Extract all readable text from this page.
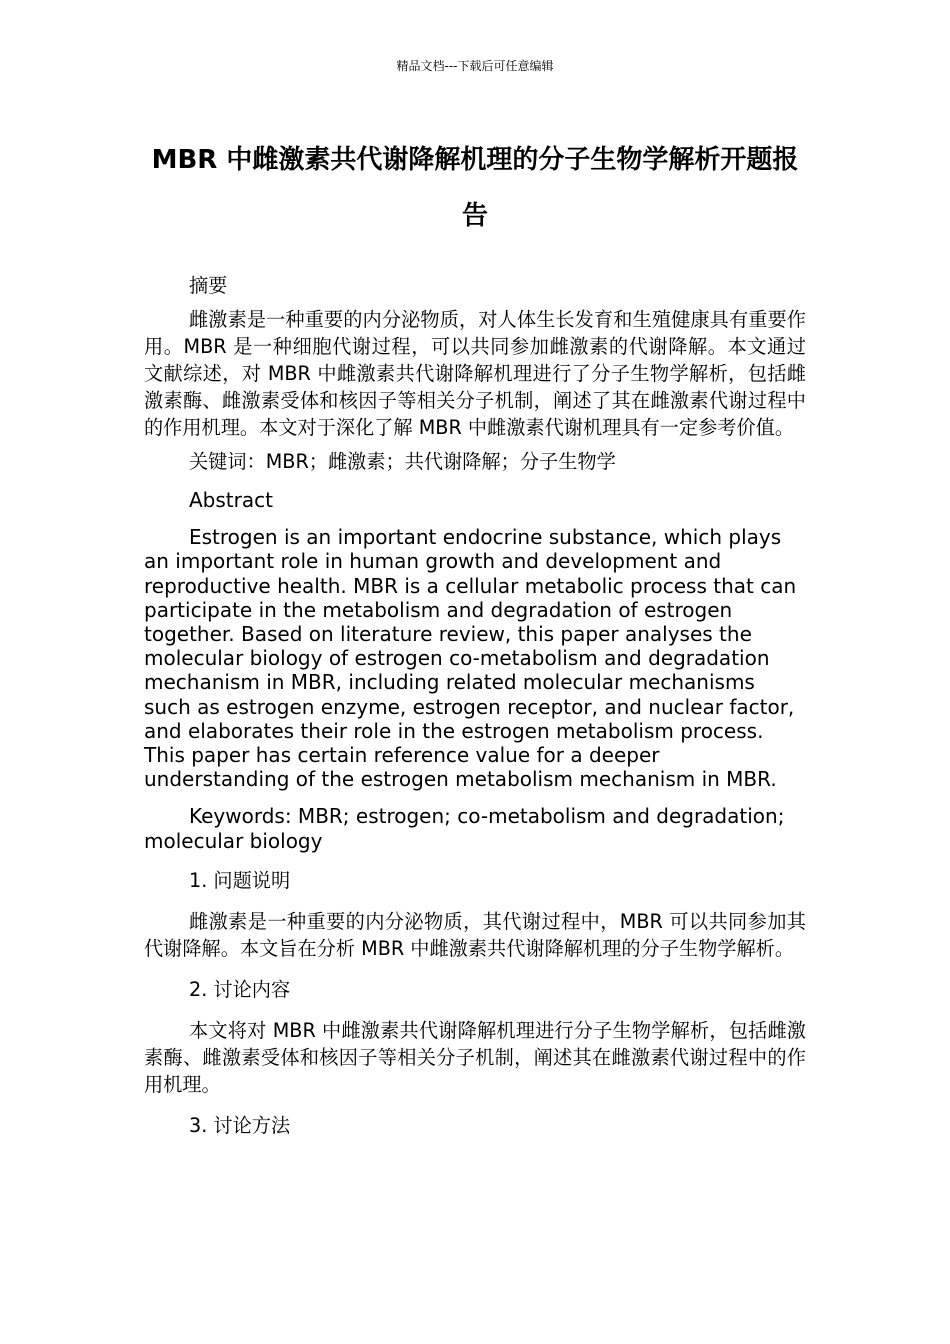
精品文档---下载后可任意编辑
MBR 中雌激素共代谢降解机理的分子生物学解析开题报告

摘要

雌激素是一种重要的内分泌物质，对人体生长发育和生殖健康具有重要作用。MBR 是一种细胞代谢过程，可以共同参加雌激素的代谢降解。本文通过文献综述，对 MBR 中雌激素共代谢降解机理进行了分子生物学解析，包括雌激素酶、雌激素受体和核因子等相关分子机制，阐述了其在雌激素代谢过程中的作用机理。本文对于深化了解 MBR 中雌激素代谢机理具有一定参考价值。

关键词：MBR；雌激素；共代谢降解；分子生物学

Abstract

Estrogen is an important endocrine substance, which plays an important role in human growth and development and reproductive health. MBR is a cellular metabolic process that can participate in the metabolism and degradation of estrogen together. Based on literature review, this paper analyses the molecular biology of estrogen co-metabolism and degradation mechanism in MBR, including related molecular mechanisms such as estrogen enzyme, estrogen receptor, and nuclear factor, and elaborates their role in the estrogen metabolism process. This paper has certain reference value for a deeper understanding of the estrogen metabolism mechanism in MBR.

Keywords: MBR; estrogen; co-metabolism and degradation; molecular biology

1. 问题说明

雌激素是一种重要的内分泌物质，其代谢过程中，MBR 可以共同参加其代谢降解。本文旨在分析 MBR 中雌激素共代谢降解机理的分子生物学解析。

2. 讨论内容

本文将对 MBR 中雌激素共代谢降解机理进行分子生物学解析，包括雌激素酶、雌激素受体和核因子等相关分子机制，阐述其在雌激素代谢过程中的作用机理。

3. 讨论方法
